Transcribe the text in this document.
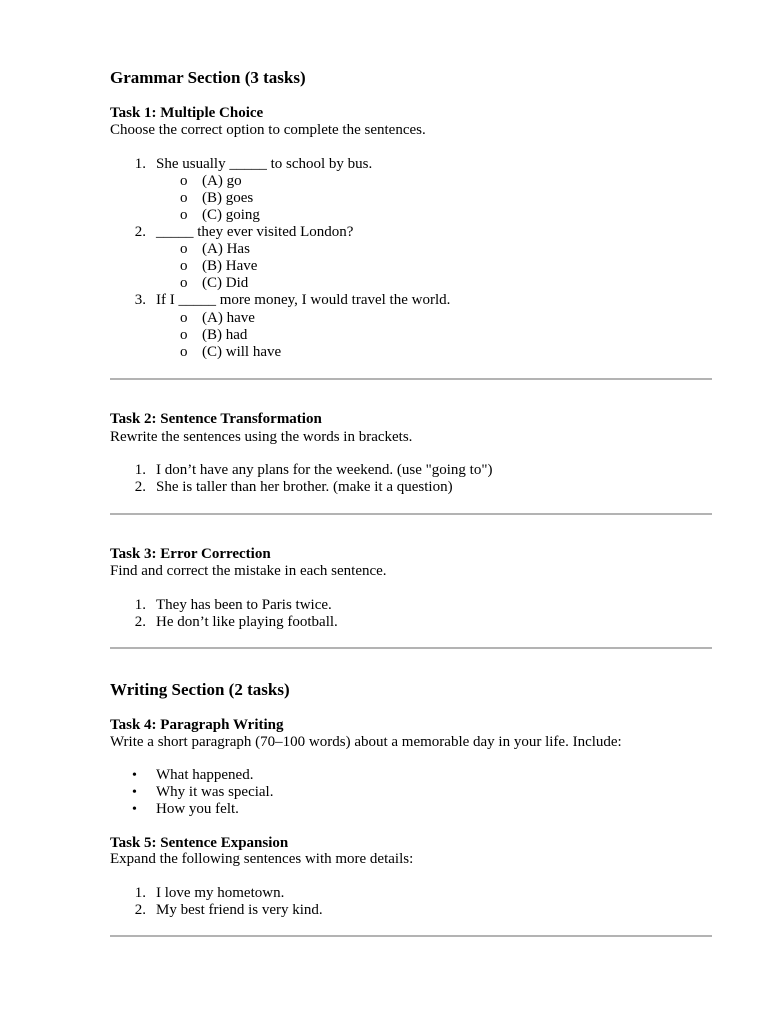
Grammar Section (3 tasks)
Task 1: Multiple Choice
Choose the correct option to complete the sentences.
1. She usually _____ to school by bus.
o (A) go
o (B) goes
o (C) going
2. _____ they ever visited London?
o (A) Has
o (B) Have
o (C) Did
3. If I _____ more money, I would travel the world.
o (A) have
o (B) had
o (C) will have
Task 2: Sentence Transformation
Rewrite the sentences using the words in brackets.
1. I don’t have any plans for the weekend. (use "going to")
2. She is taller than her brother. (make it a question)
Task 3: Error Correction
Find and correct the mistake in each sentence.
1. They has been to Paris twice.
2. He don’t like playing football.
Writing Section (2 tasks)
Task 4: Paragraph Writing
Write a short paragraph (70–100 words) about a memorable day in your life. Include:
• What happened.
• Why it was special.
• How you felt.
Task 5: Sentence Expansion
Expand the following sentences with more details:
1. I love my hometown.
2. My best friend is very kind.
